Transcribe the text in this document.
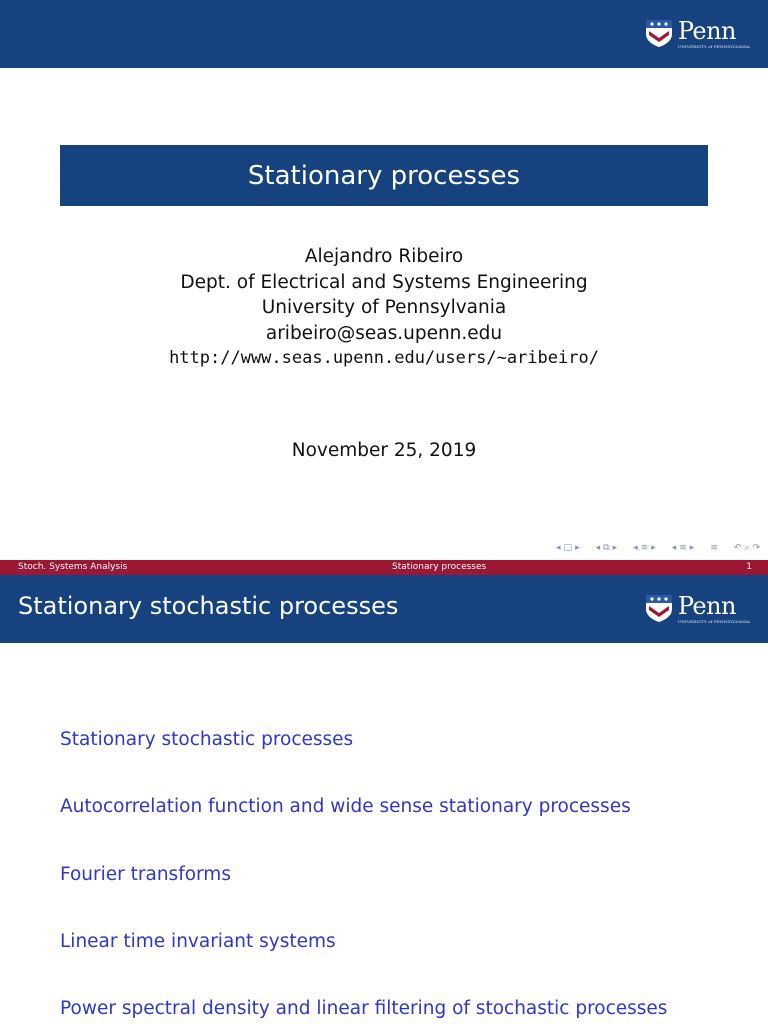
Penn
UNIVERSITY of PENNSYLVANIA
Stationary processes
Alejandro Ribeiro
Dept. of Electrical and Systems Engineering
University of Pennsylvania
aribeiro@seas.upenn.edu
http://www.seas.upenn.edu/users/~aribeiro/
November 25, 2019
◂ □ ▸ ◂ ⧉ ▸ ◂ ≡ ▸ ◂ ≡ ▸ ≡ ↶ ⌕ ↷
Stoch. Systems Analysis	Stationary processes	1
Stationary stochastic processes	Penn
UNIVERSITY of PENNSYLVANIA
Stationary stochastic processes
Autocorrelation function and wide sense stationary processes
Fourier transforms
Linear time invariant systems
Power spectral density and linear filtering of stochastic processes
